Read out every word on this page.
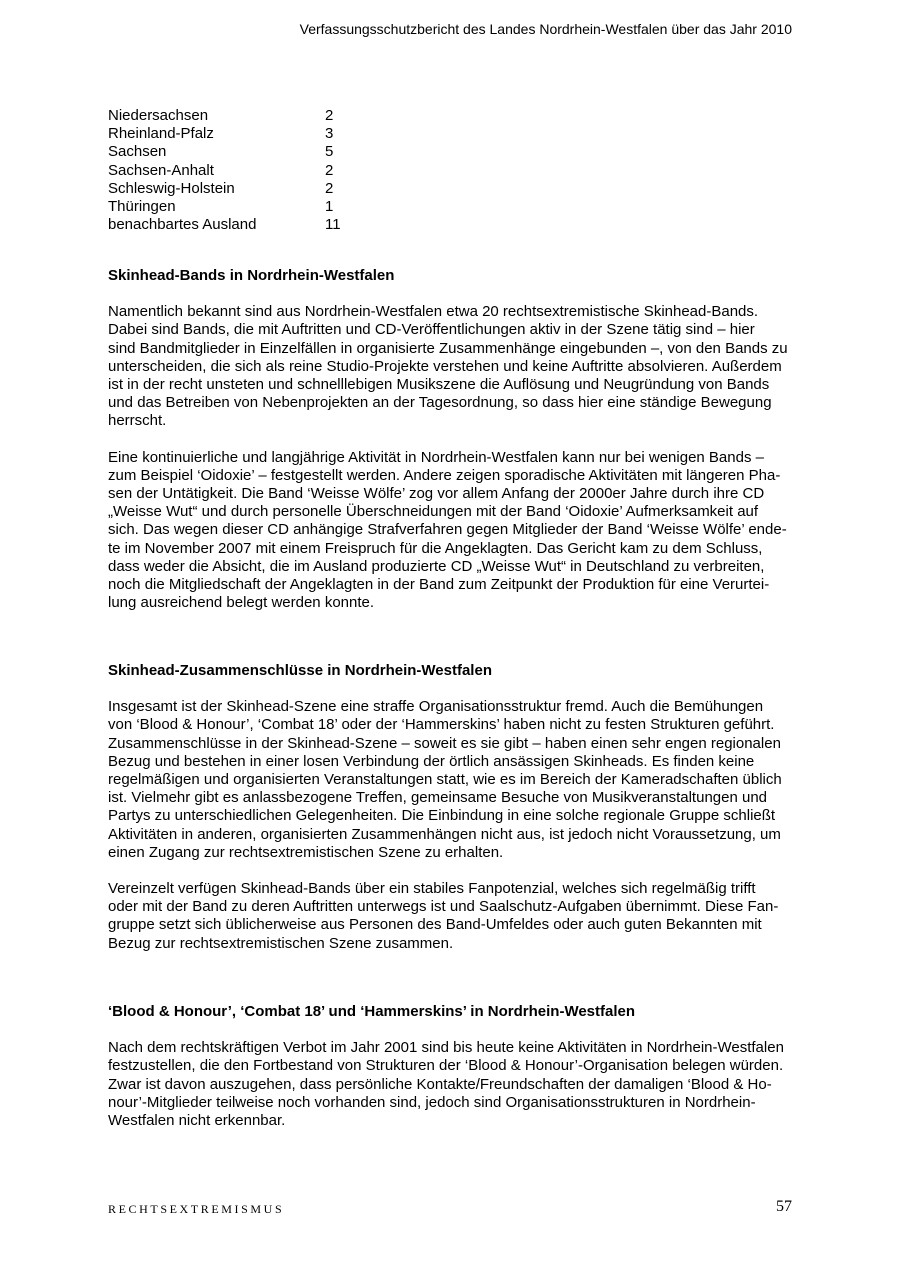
Verfassungsschutzbericht des Landes Nordrhein-Westfalen über das Jahr 2010
Niedersachsen	2
Rheinland-Pfalz	3
Sachsen	5
Sachsen-Anhalt	2
Schleswig-Holstein	2
Thüringen	1
benachbartes Ausland	11
Skinhead-Bands in Nordrhein-Westfalen

Namentlich bekannt sind aus Nordrhein-Westfalen etwa 20 rechtsextremistische Skinhead-Bands.
Dabei sind Bands, die mit Auftritten und CD-Veröffentlichungen aktiv in der Szene tätig sind – hier
sind Bandmitglieder in Einzelfällen in organisierte Zusammenhänge eingebunden –, von den Bands zu
unterscheiden, die sich als reine Studio-Projekte verstehen und keine Auftritte absolvieren. Außerdem
ist in der recht unsteten und schnelllebigen Musikszene die Auflösung und Neugründung von Bands
und das Betreiben von Nebenprojekten an der Tagesordnung, so dass hier eine ständige Bewegung
herrscht.

Eine kontinuierliche und langjährige Aktivität in Nordrhein-Westfalen kann nur bei wenigen Bands –
zum Beispiel ‘Oidoxie’ – festgestellt werden. Andere zeigen sporadische Aktivitäten mit längeren Pha-
sen der Untätigkeit. Die Band ‘Weisse Wölfe’ zog vor allem Anfang der 2000er Jahre durch ihre CD
„Weisse Wut“ und durch personelle Überschneidungen mit der Band ‘Oidoxie’ Aufmerksamkeit auf
sich. Das wegen dieser CD anhängige Strafverfahren gegen Mitglieder der Band ‘Weisse Wölfe’ ende-
te im November 2007 mit einem Freispruch für die Angeklagten. Das Gericht kam zu dem Schluss,
dass weder die Absicht, die im Ausland produzierte CD „Weisse Wut“ in Deutschland zu verbreiten,
noch die Mitgliedschaft der Angeklagten in der Band zum Zeitpunkt der Produktion für eine Verurtei-
lung ausreichend belegt werden konnte.

Skinhead-Zusammenschlüsse in Nordrhein-Westfalen

Insgesamt ist der Skinhead-Szene eine straffe Organisationsstruktur fremd. Auch die Bemühungen
von ‘Blood & Honour’, ‘Combat 18’ oder der ‘Hammerskins’ haben nicht zu festen Strukturen geführt.
Zusammenschlüsse in der Skinhead-Szene – soweit es sie gibt – haben einen sehr engen regionalen
Bezug und bestehen in einer losen Verbindung der örtlich ansässigen Skinheads. Es finden keine
regelmäßigen und organisierten Veranstaltungen statt, wie es im Bereich der Kameradschaften üblich
ist. Vielmehr gibt es anlassbezogene Treffen, gemeinsame Besuche von Musikveranstaltungen und
Partys zu unterschiedlichen Gelegenheiten. Die Einbindung in eine solche regionale Gruppe schließt
Aktivitäten in anderen, organisierten Zusammenhängen nicht aus, ist jedoch nicht Voraussetzung, um
einen Zugang zur rechtsextremistischen Szene zu erhalten.

Vereinzelt verfügen Skinhead-Bands über ein stabiles Fanpotenzial, welches sich regelmäßig trifft
oder mit der Band zu deren Auftritten unterwegs ist und Saalschutz-Aufgaben übernimmt. Diese Fan-
gruppe setzt sich üblicherweise aus Personen des Band-Umfeldes oder auch guten Bekannten mit
Bezug zur rechtsextremistischen Szene zusammen.

‘Blood & Honour’, ‘Combat 18’ und ‘Hammerskins’ in Nordrhein-Westfalen

Nach dem rechtskräftigen Verbot im Jahr 2001 sind bis heute keine Aktivitäten in Nordrhein-Westfalen
festzustellen, die den Fortbestand von Strukturen der ‘Blood & Honour’-Organisation belegen würden.
Zwar ist davon auszugehen, dass persönliche Kontakte/Freundschaften der damaligen ‘Blood & Ho-
nour’-Mitglieder teilweise noch vorhanden sind, jedoch sind Organisationsstrukturen in Nordrhein-
Westfalen nicht erkennbar.

RECHTSEXTREMISMUS	57
